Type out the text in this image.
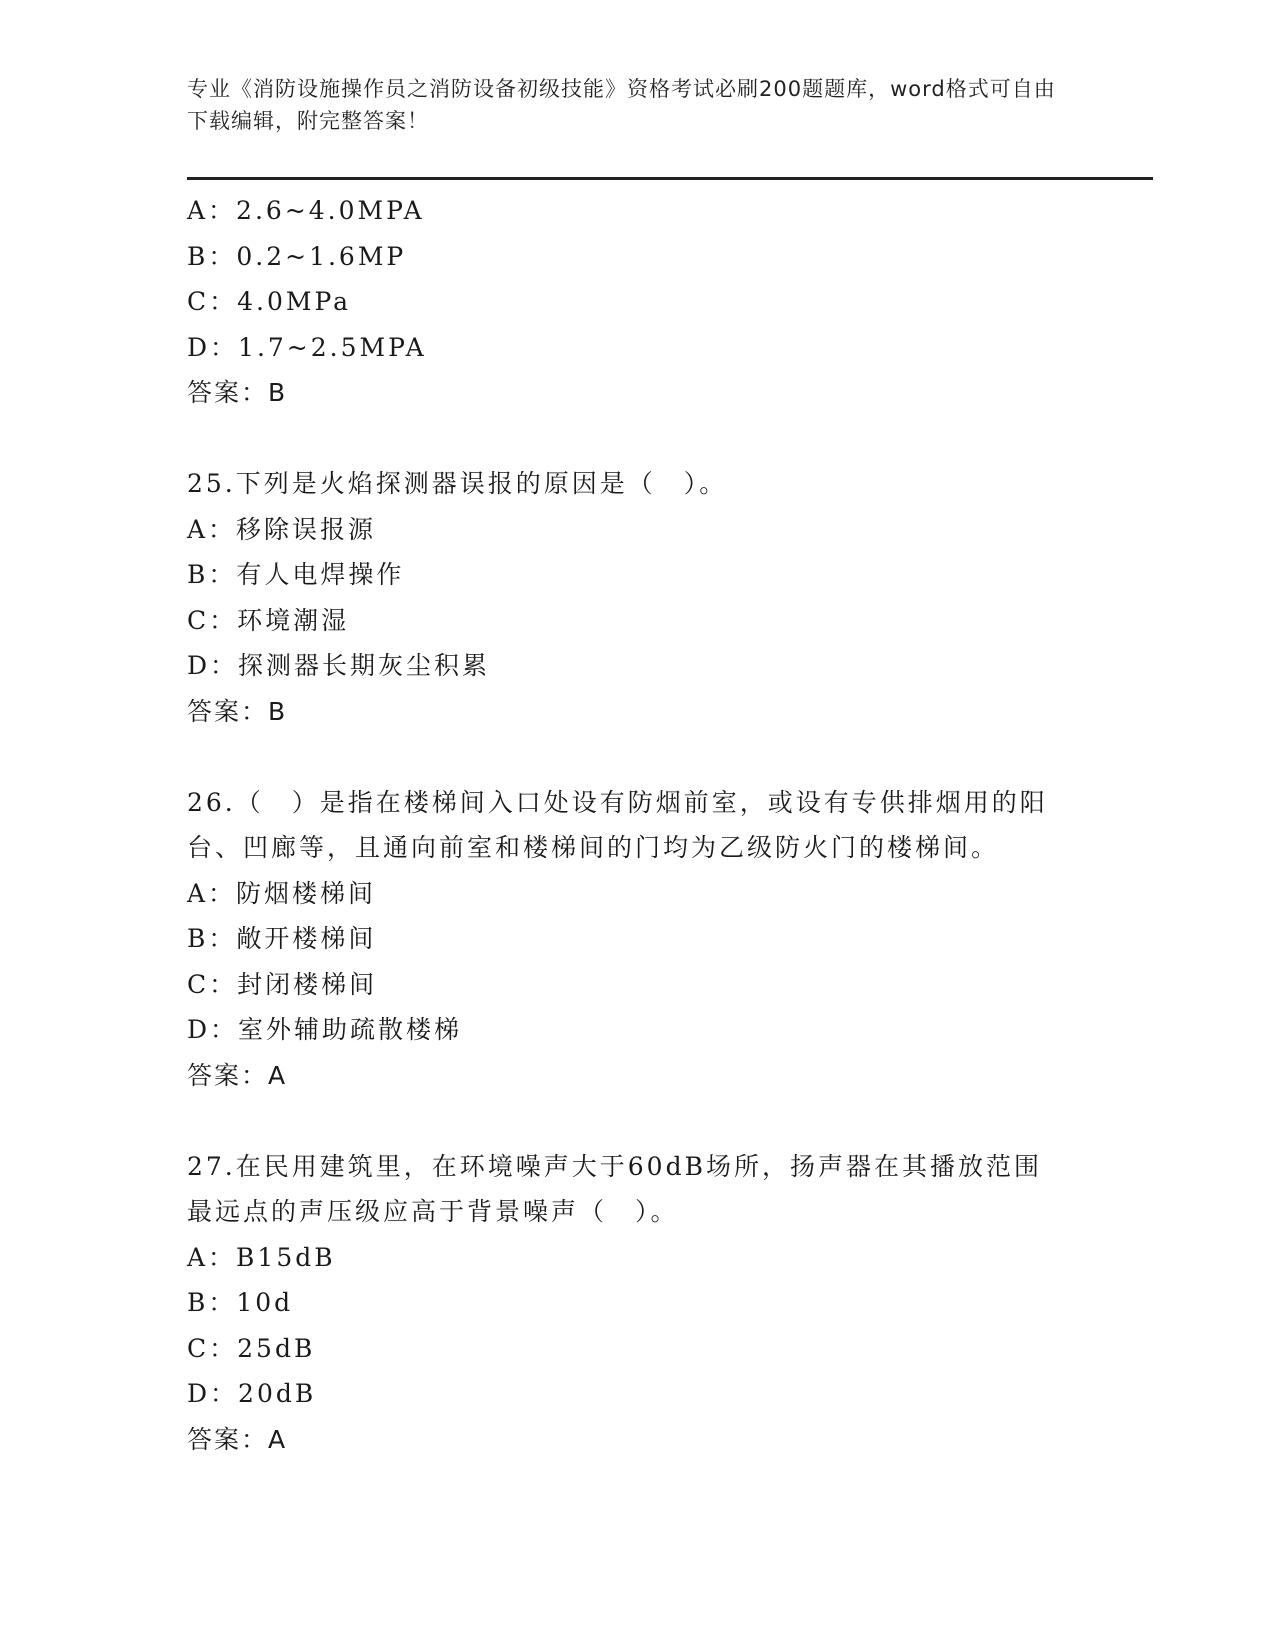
专业《消防设施操作员之消防设备初级技能》资格考试必刷200题题库，word格式可自由下载编辑，附完整答案！
A：2.6~4.0MPA
B：0.2~1.6MP
C：4.0MPa
D：1.7~2.5MPA
答案：B
25.下列是火焰探测器误报的原因是（　）。
A：移除误报源
B：有人电焊操作
C：环境潮湿
D：探测器长期灰尘积累
答案：B
26.（　）是指在楼梯间入口处设有防烟前室，或设有专供排烟用的阳
台、凹廊等，且通向前室和楼梯间的门均为乙级防火门的楼梯间。
A：防烟楼梯间
B：敞开楼梯间
C：封闭楼梯间
D：室外辅助疏散楼梯
答案：A
27.在民用建筑里，在环境噪声大于60dB场所，扬声器在其播放范围
最远点的声压级应高于背景噪声（　）。
A：B15dB
B：10d
C：25dB
D：20dB
答案：A
